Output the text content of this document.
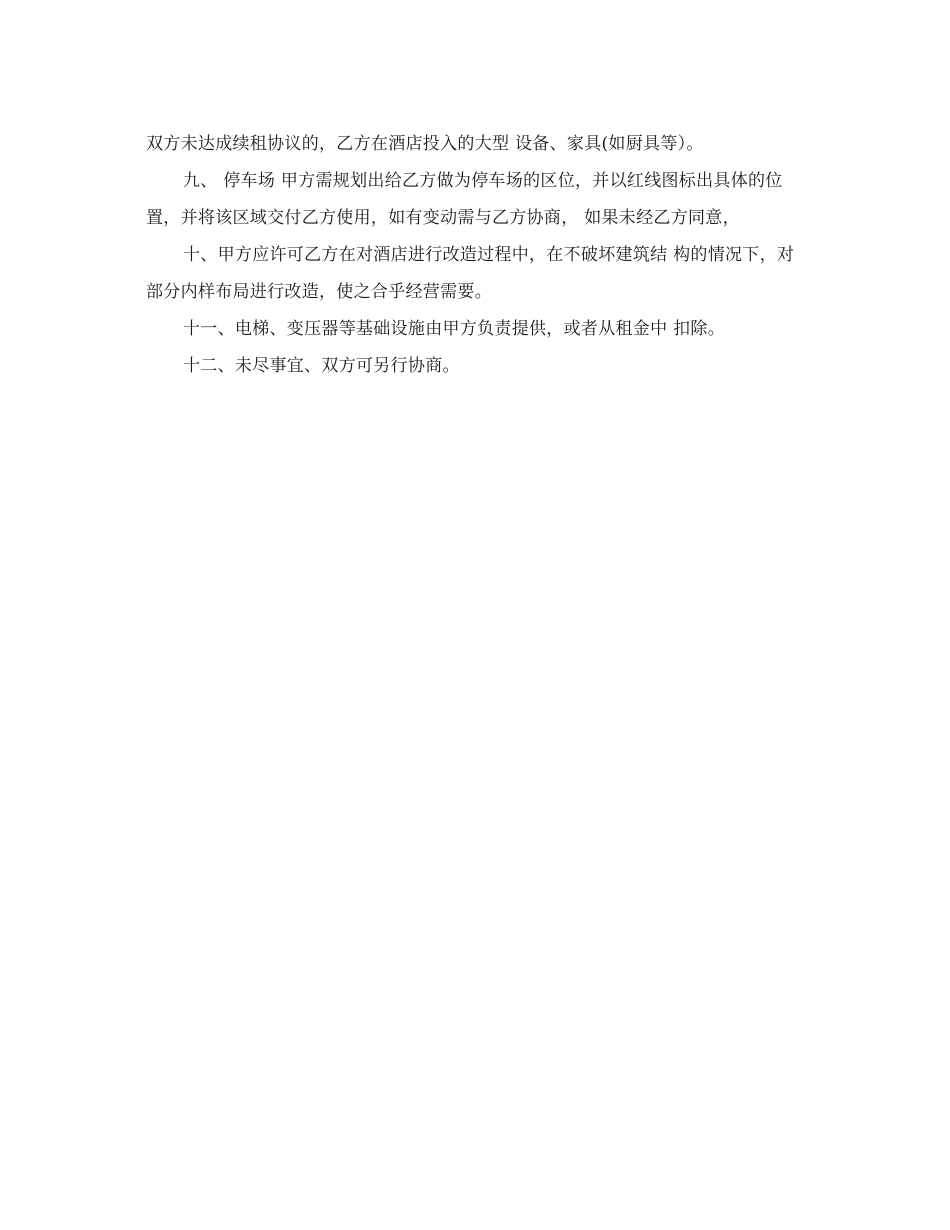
双方未达成续租协议的，乙方在酒店投入的大型 设备、家具(如厨具等）。

九、 停车场 甲方需规划出给乙方做为停车场的区位，并以红线图标出具体的位置，并将该区域交付乙方使用，如有变动需与乙方协商， 如果未经乙方同意，

十、甲方应许可乙方在对酒店进行改造过程中，在不破坏建筑结 构的情况下，对部分内样布局进行改造，使之合乎经营需要。

十一、电梯、变压器等基础设施由甲方负责提供，或者从租金中 扣除。

十二、未尽事宜、双方可另行协商。
